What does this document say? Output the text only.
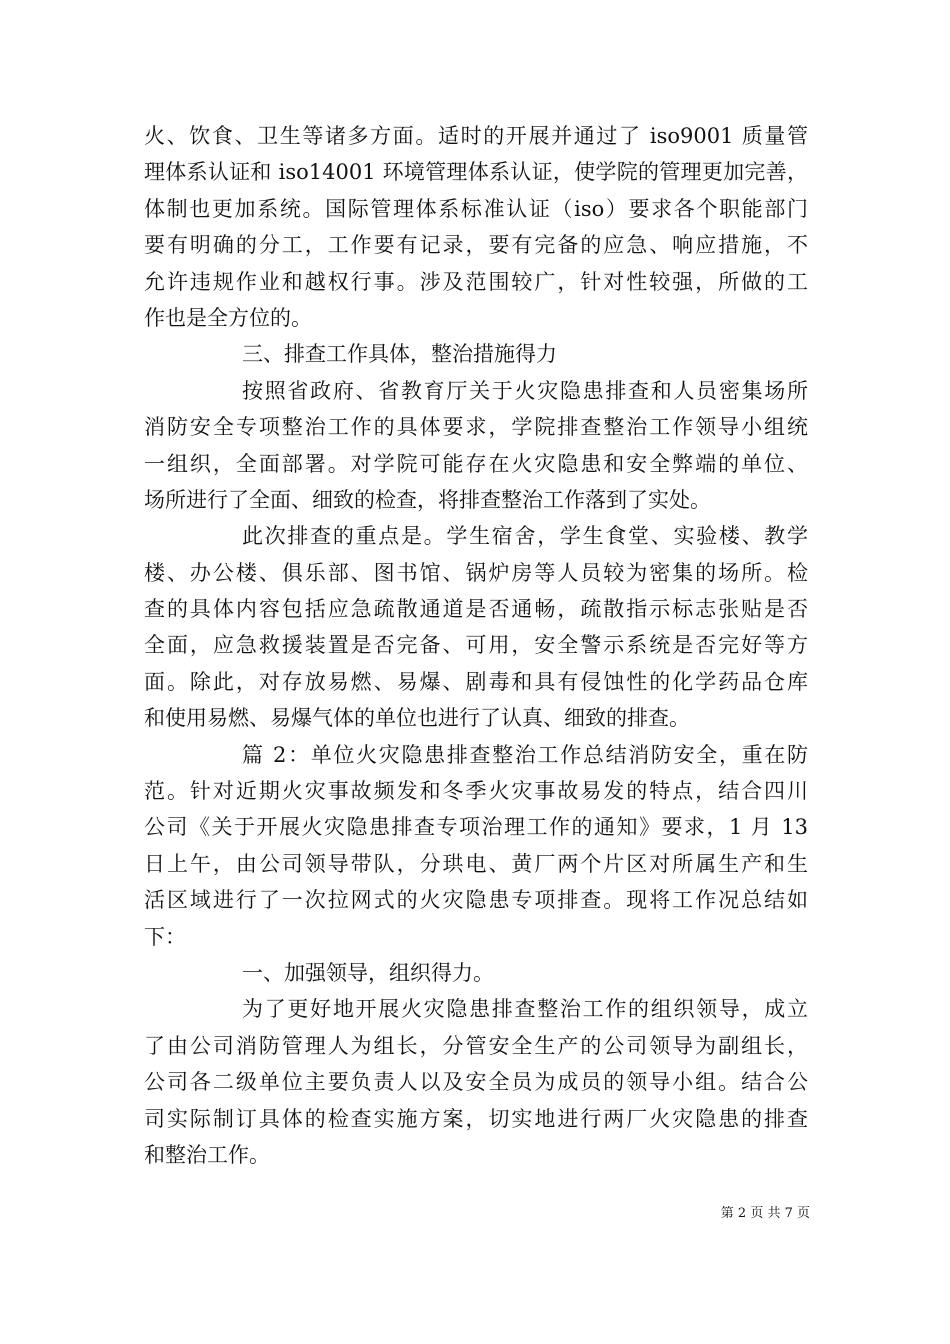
火、饮食、卫生等诸多方面。适时的开展并通过了 iso9001 质量管
理体系认证和 iso14001 环境管理体系认证，使学院的管理更加完善，
体制也更加系统。国际管理体系标准认证（iso）要求各个职能部门
要有明确的分工，工作要有记录，要有完备的应急、响应措施，不
允许违规作业和越权行事。涉及范围较广，针对性较强，所做的工
作也是全方位的。
三、排查工作具体，整治措施得力
按照省政府、省教育厅关于火灾隐患排查和人员密集场所
消防安全专项整治工作的具体要求，学院排查整治工作领导小组统
一组织，全面部署。对学院可能存在火灾隐患和安全弊端的单位、
场所进行了全面、细致的检查，将排查整治工作落到了实处。
此次排查的重点是。学生宿舍，学生食堂、实验楼、教学
楼、办公楼、俱乐部、图书馆、锅炉房等人员较为密集的场所。检
查的具体内容包括应急疏散通道是否通畅，疏散指示标志张贴是否
全面，应急救援装置是否完备、可用，安全警示系统是否完好等方
面。除此，对存放易燃、易爆、剧毒和具有侵蚀性的化学药品仓库
和使用易燃、易爆气体的单位也进行了认真、细致的排查。
篇 2：单位火灾隐患排查整治工作总结消防安全，重在防
范。针对近期火灾事故频发和冬季火灾事故易发的特点，结合四川
公司《关于开展火灾隐患排查专项治理工作的通知》要求，1 月 13
日上午，由公司领导带队，分珙电、黄厂两个片区对所属生产和生
活区域进行了一次拉网式的火灾隐患专项排查。现将工作况总结如
下：
一、加强领导，组织得力。
为了更好地开展火灾隐患排查整治工作的组织领导，成立
了由公司消防管理人为组长，分管安全生产的公司领导为副组长，
公司各二级单位主要负责人以及安全员为成员的领导小组。结合公
司实际制订具体的检查实施方案，切实地进行两厂火灾隐患的排查
和整治工作。
第 2 页 共 7 页
